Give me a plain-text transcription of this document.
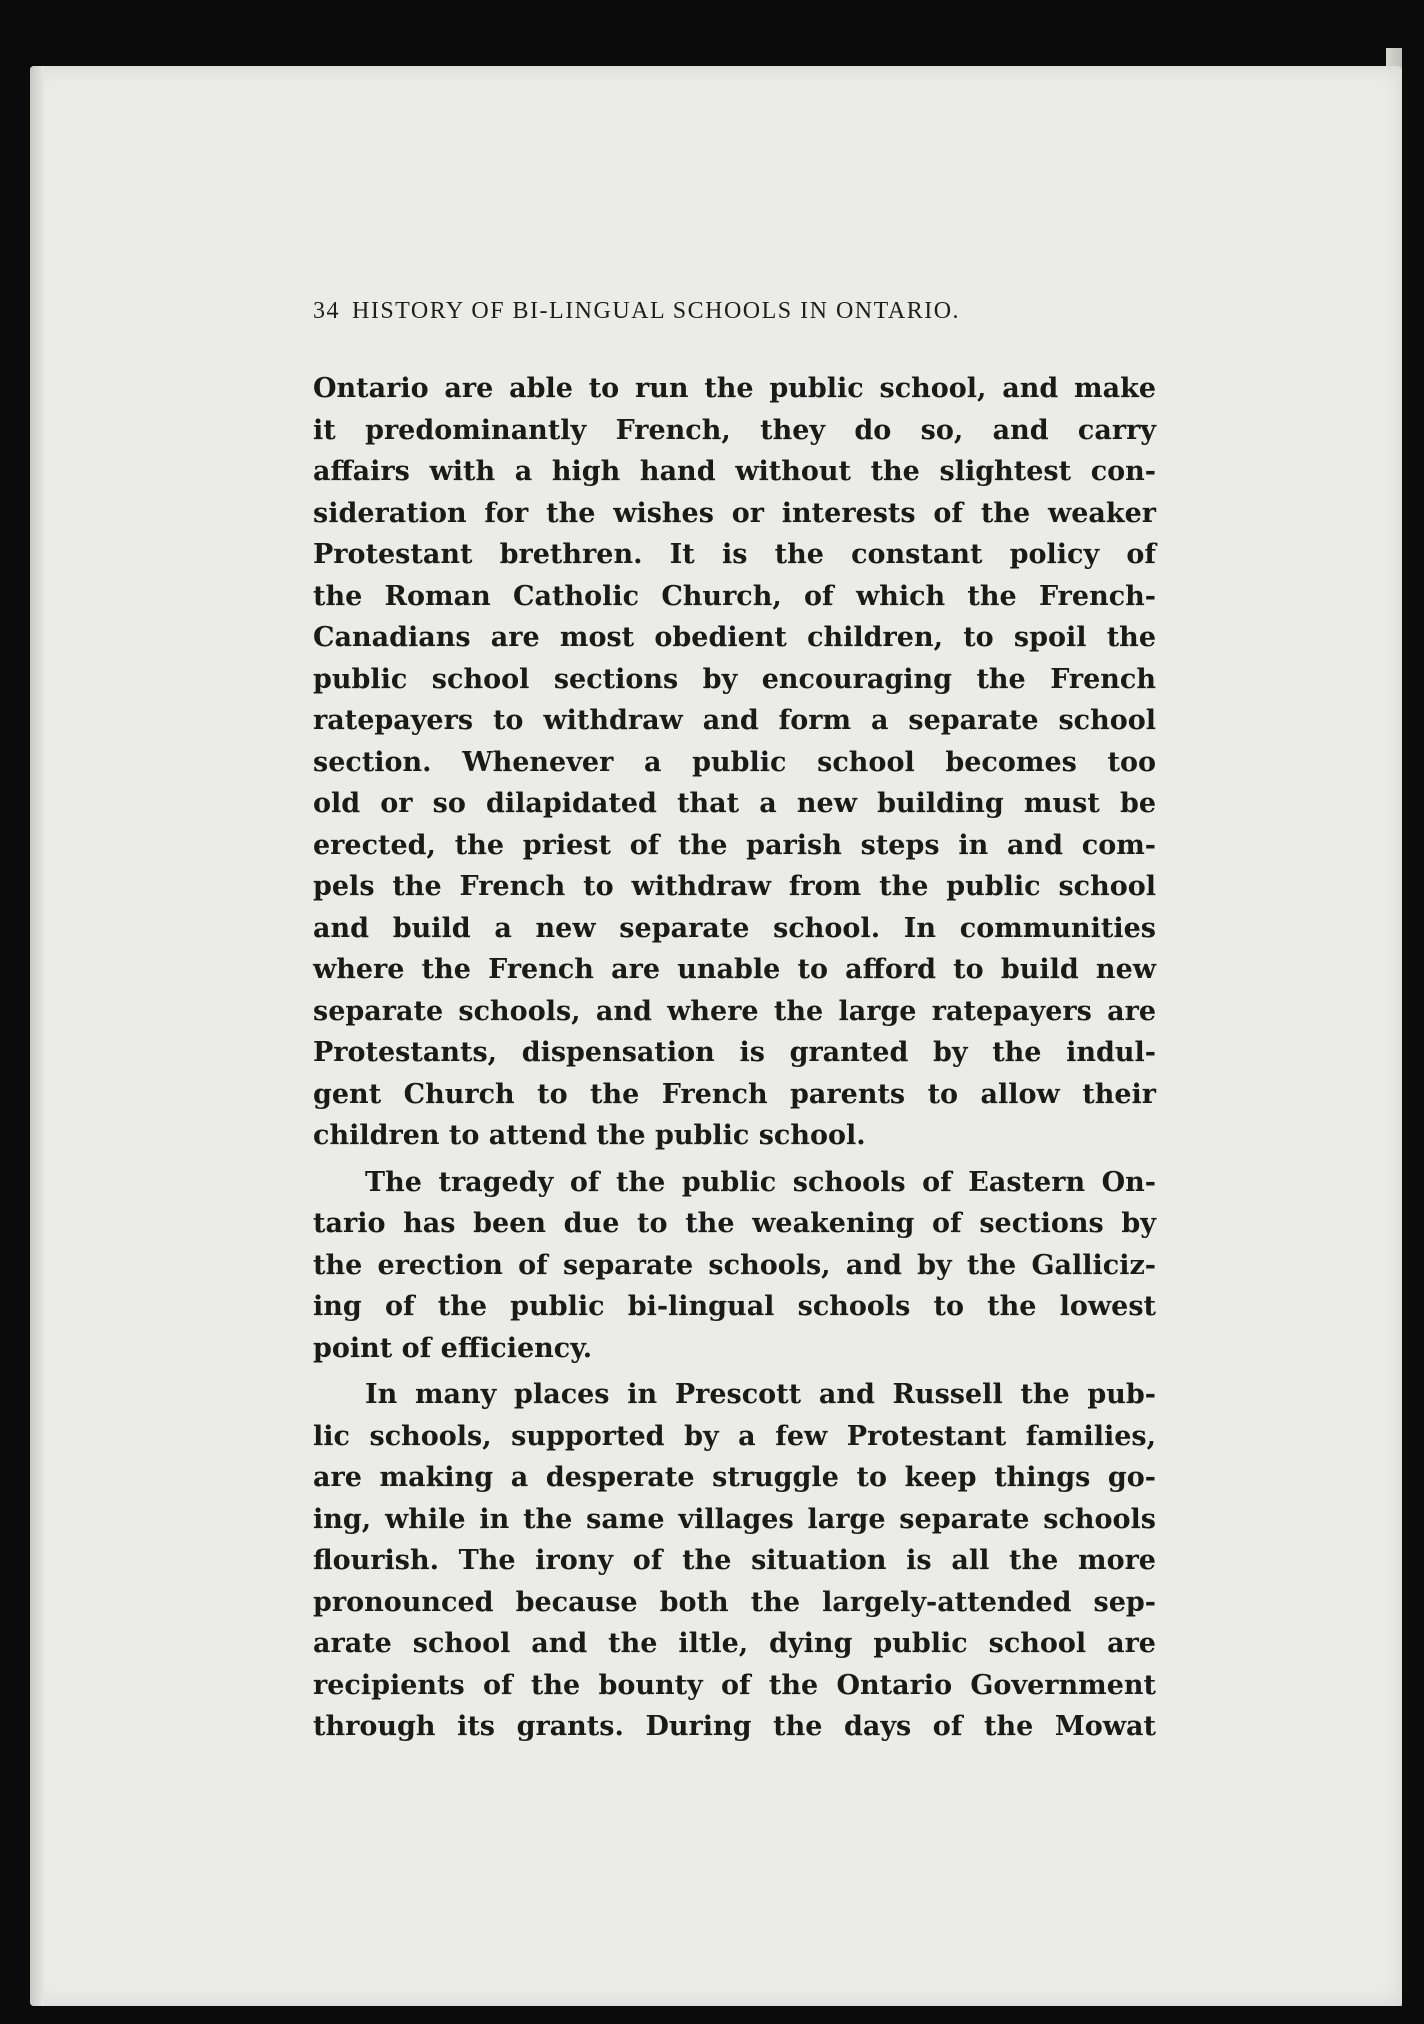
34 HISTORY OF BI-LINGUAL SCHOOLS IN ONTARIO.
Ontario are able to run the public school, and make
it predominantly French, they do so, and carry
affairs with a high hand without the slightest con-
sideration for the wishes or interests of the weaker
Protestant brethren. It is the constant policy of
the Roman Catholic Church, of which the French-
Canadians are most obedient children, to spoil the
public school sections by encouraging the French
ratepayers to withdraw and form a separate school
section. Whenever a public school becomes too
old or so dilapidated that a new building must be
erected, the priest of the parish steps in and com-
pels the French to withdraw from the public school
and build a new separate school. In communities
where the French are unable to afford to build new
separate schools, and where the large ratepayers are
Protestants, dispensation is granted by the indul-
gent Church to the French parents to allow their
children to attend the public school.
The tragedy of the public schools of Eastern On-
tario has been due to the weakening of sections by
the erection of separate schools, and by the Galliciz-
ing of the public bi-lingual schools to the lowest
point of efficiency.
In many places in Prescott and Russell the pub-
lic schools, supported by a few Protestant families,
are making a desperate struggle to keep things go-
ing, while in the same villages large separate schools
flourish. The irony of the situation is all the more
pronounced because both the largely-attended sep-
arate school and the iltle, dying public school are
recipients of the bounty of the Ontario Government
through its grants. During the days of the Mowat
